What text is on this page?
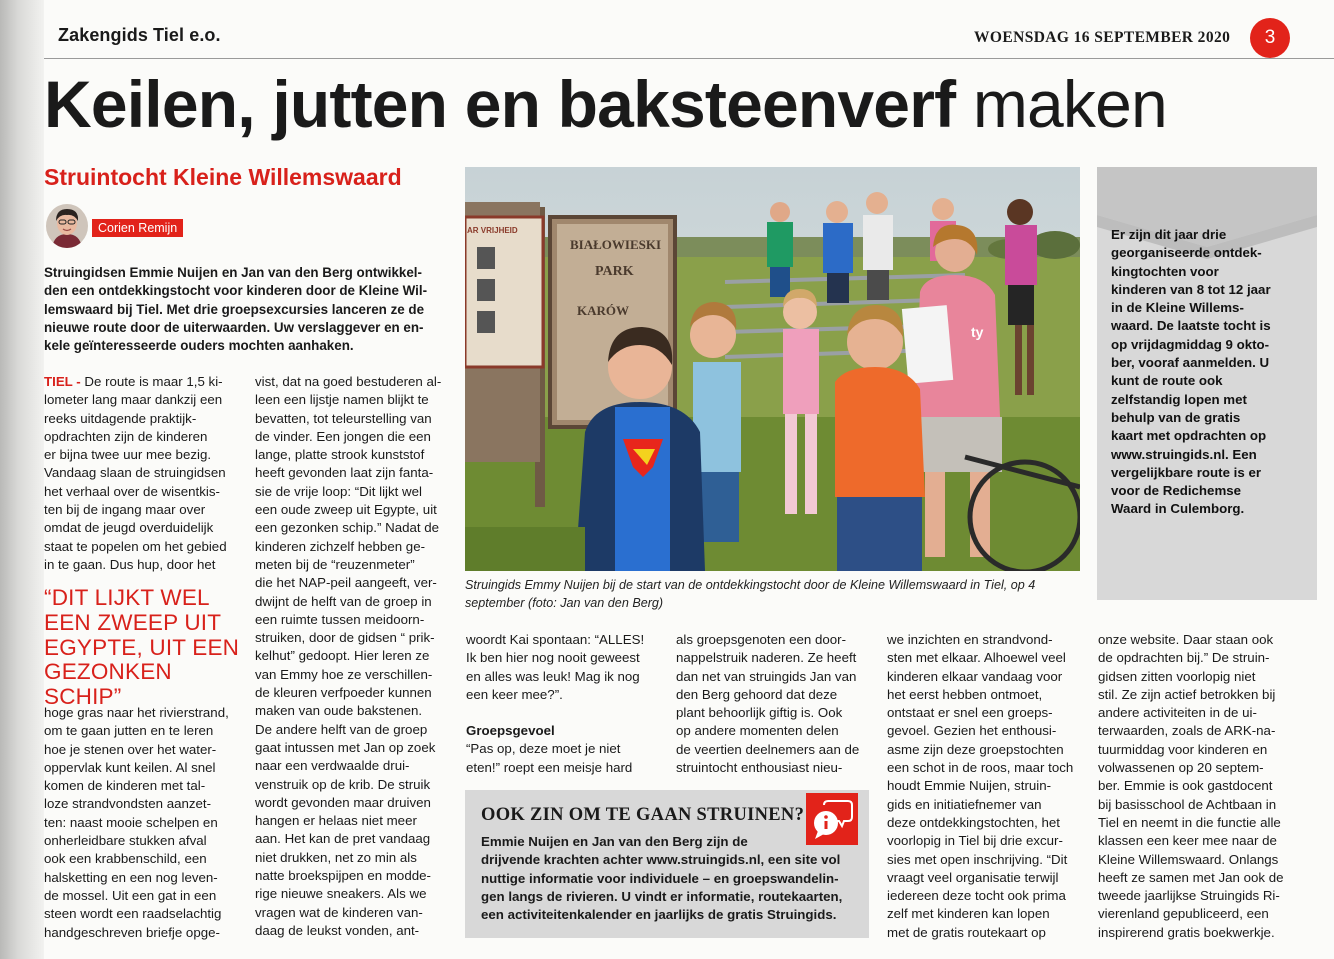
Zakengids Tiel e.o.	WOENSDAG 16 SEPTEMBER 2020	3
Keilen, jutten en baksteenverf maken
Struintocht Kleine Willemswaard
Corien Remijn
Struingidsen Emmie Nuijen en Jan van den Berg ontwikkel-
den een ontdekkingstocht voor kinderen door de Kleine Wil-
lemswaard bij Tiel. Met drie groepsexcursies lanceren ze de
nieuwe route door de uiterwaarden. Uw verslaggever en en-
kele geïnteresseerde ouders mochten aanhaken.
TIEL - De route is maar 1,5 ki-
lometer lang maar dankzij een
reeks uitdagende praktijk-
opdrachten zijn de kinderen
er bijna twee uur mee bezig.
Vandaag slaan de struingidsen
het verhaal over de wisentkis-
ten bij de ingang maar over
omdat de jeugd overduidelijk
staat te popelen om het gebied
in te gaan. Dus hup, door het
“DIT LIJKT WEL EEN ZWEEP UIT EGYPTE, UIT EEN GEZONKEN SCHIP”
hoge gras naar het rivierstrand,
om te gaan jutten en te leren
hoe je stenen over het water-
oppervlak kunt keilen. Al snel
komen de kinderen met tal-
loze strandvondsten aanzet-
ten: naast mooie schelpen en
onherleidbare stukken afval
ook een krabbenschild, een
halsketting en een nog leven-
de mossel. Uit een gat in een
steen wordt een raadselachtig
handgeschreven briefje opge-
vist, dat na goed bestuderen al-
leen een lijstje namen blijkt te
bevatten, tot teleurstelling van
de vinder. Een jongen die een
lange, platte strook kunststof
heeft gevonden laat zijn fanta-
sie de vrije loop: “Dit lijkt wel
een oude zweep uit Egypte, uit
een gezonken schip.” Nadat de
kinderen zichzelf hebben ge-
meten bij de “reuzenmeter”
die het NAP-peil aangeeft, ver-
dwijnt de helft van de groep in
een ruimte tussen meidoorn-
struiken, door de gidsen “ prik-
kelhut” gedoopt. Hier leren ze
van Emmy hoe ze verschillen-
de kleuren verfpoeder kunnen
maken van oude bakstenen.
De andere helft van de groep
gaat intussen met Jan op zoek
naar een verdwaalde drui-
venstruik op de krib. De struik
wordt gevonden maar druiven
hangen er helaas niet meer
aan. Het kan de pret vandaag
niet drukken, net zo min als
natte broekspijpen en modde-
rige nieuwe sneakers. Als we
vragen wat de kinderen van-
daag de leukst vonden, ant-
BIAŁOWIESKI
PARK
KARÓW
AR VRIJHEID
ty
Struingids Emmy Nuijen bij de start van de ontdekkingstocht door de Kleine Willemswaard in Tiel, op 4
september (foto: Jan van den Berg)
Er zijn dit jaar drie
georganiseerde ontdek-
kingtochten voor
kinderen van 8 tot 12 jaar
in de Kleine Willems-
waard. De laatste tocht is
op vrijdagmiddag 9 okto-
ber, vooraf aanmelden. U
kunt de route ook
zelfstandig lopen met
behulp van de gratis
kaart met opdrachten op
www.struingids.nl. Een
vergelijkbare route is er
voor de Redichemse
Waard in Culemborg.
woordt Kai spontaan: “ALLES!
Ik ben hier nog nooit geweest
en alles was leuk! Mag ik nog
een keer mee?”.
Groepsgevoel
“Pas op, deze moet je niet
eten!” roept een meisje hard
als groepsgenoten een door-
nappelstruik naderen. Ze heeft
dan net van struingids Jan van
den Berg gehoord dat deze
plant behoorlijk giftig is. Ook
op andere momenten delen
de veertien deelnemers aan de
struintocht enthousiast nieu-
OOK ZIN OM TE GAAN STRUINEN?
Emmie Nuijen en Jan van den Berg zijn de
drijvende krachten achter www.struingids.nl, een site vol
nuttige informatie voor individuele – en groepswandelin-
gen langs de rivieren. U vindt er informatie, routekaarten,
een activiteitenkalender en jaarlijks de gratis Struingids.
we inzichten en strandvond-
sten met elkaar. Alhoewel veel
kinderen elkaar vandaag voor
het eerst hebben ontmoet,
ontstaat er snel een groeps-
gevoel. Gezien het enthousi-
asme zijn deze groepstochten
een schot in de roos, maar toch
houdt Emmie Nuijen, struin-
gids en initiatiefnemer van
deze ontdekkingstochten, het
voorlopig in Tiel bij drie excur-
sies met open inschrijving. “Dit
vraagt veel organisatie terwijl
iedereen deze tocht ook prima
zelf met kinderen kan lopen
met de gratis routekaart op
onze website. Daar staan ook
de opdrachten bij.” De struin-
gidsen zitten voorlopig niet
stil. Ze zijn actief betrokken bij
andere activiteiten in de ui-
terwaarden, zoals de ARK-na-
tuurmiddag voor kinderen en
volwassenen op 20 septem-
ber. Emmie is ook gastdocent
bij basisschool de Achtbaan in
Tiel en neemt in die functie alle
klassen een keer mee naar de
Kleine Willemswaard. Onlangs
heeft ze samen met Jan ook de
tweede jaarlijkse Struingids Ri-
vierenland gepubliceerd, een
inspirerend gratis boekwerkje.
